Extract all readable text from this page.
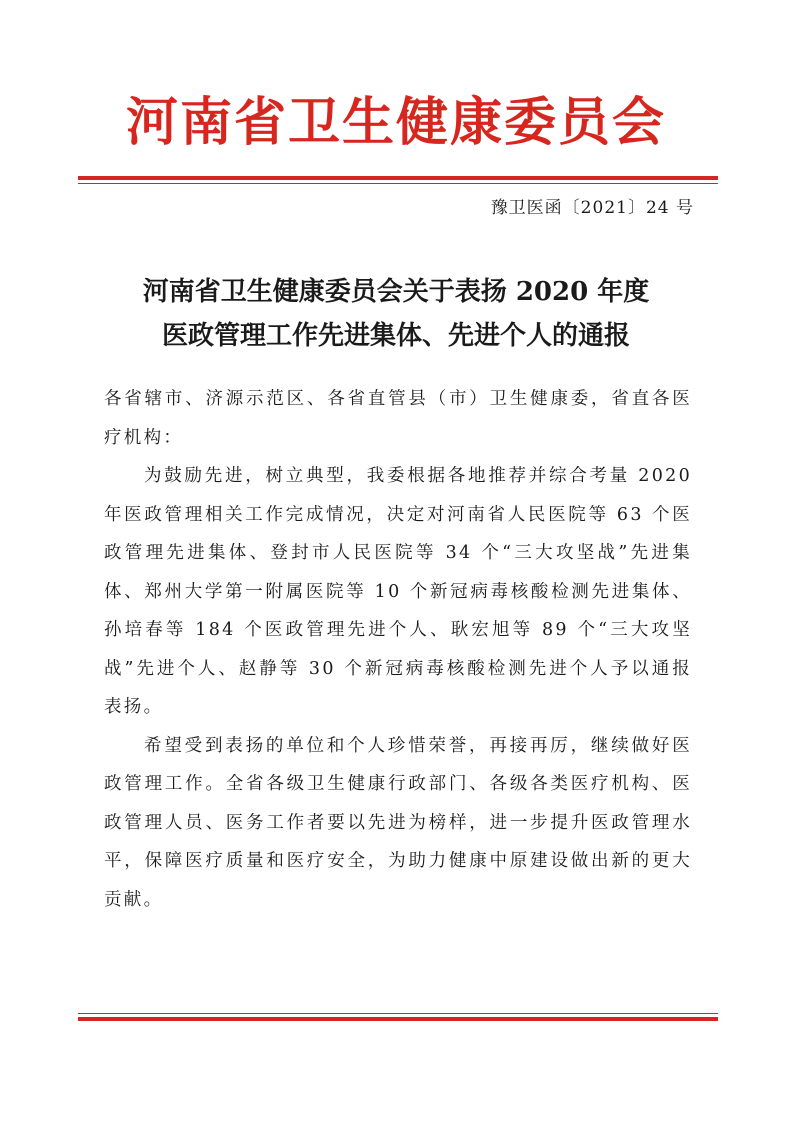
河南省卫生健康委员会
豫卫医函〔2021〕24 号
河南省卫生健康委员会关于表扬 2020 年度
医政管理工作先进集体、先进个人的通报

各省辖市、济源示范区、各省直管县（市）卫生健康委，省直各医疗机构：

为鼓励先进，树立典型，我委根据各地推荐并综合考量 2020 年医政管理相关工作完成情况，决定对河南省人民医院等 63 个医政管理先进集体、登封市人民医院等 34 个“三大攻坚战”先进集体、郑州大学第一附属医院等 10 个新冠病毒核酸检测先进集体、孙培春等 184 个医政管理先进个人、耿宏旭等 89 个“三大攻坚战”先进个人、赵静等 30 个新冠病毒核酸检测先进个人予以通报表扬。

希望受到表扬的单位和个人珍惜荣誉，再接再厉，继续做好医政管理工作。全省各级卫生健康行政部门、各级各类医疗机构、医政管理人员、医务工作者要以先进为榜样，进一步提升医政管理水平，保障医疗质量和医疗安全，为助力健康中原建设做出新的更大贡献。
